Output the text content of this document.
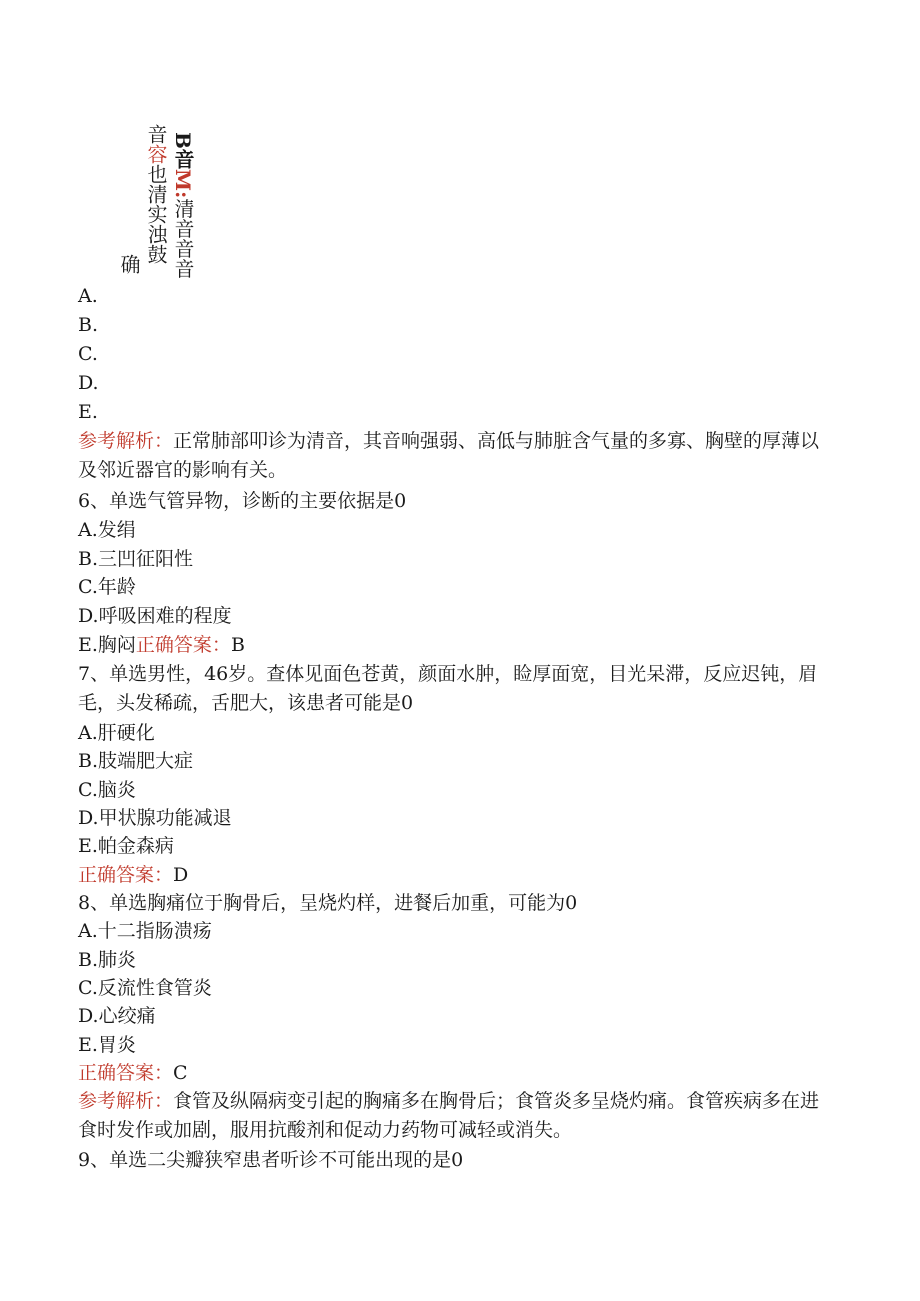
B音M:清音音音
音容也清实浊鼓
确
A.
B.
C.
D.
E.
参考解析：正常肺部叩诊为清音，其音响强弱、高低与肺脏含气量的多寡、胸壁的厚薄以及邻近器官的影响有关。
6、单选气管异物，诊断的主要依据是0
A.发绢
B.三凹征阳性
C.年龄
D.呼吸困难的程度
E.胸闷正确答案：B
7、单选男性，46岁。查体见面色苍黄，颜面水肿，睑厚面宽，目光呆滞，反应迟钝，眉毛，头发稀疏，舌肥大，该患者可能是0
A.肝硬化
B.肢端肥大症
C.脑炎
D.甲状腺功能减退
E.帕金森病
正确答案：D
8、单选胸痛位于胸骨后，呈烧灼样，进餐后加重，可能为0
A.十二指肠溃疡
B.肺炎
C.反流性食管炎
D.心绞痛
E.胃炎
正确答案：C
参考解析：食管及纵隔病变引起的胸痛多在胸骨后；食管炎多呈烧灼痛。食管疾病多在进食时发作或加剧，服用抗酸剂和促动力药物可减轻或消失。
9、单选二尖瓣狭窄患者听诊不可能出现的是0
